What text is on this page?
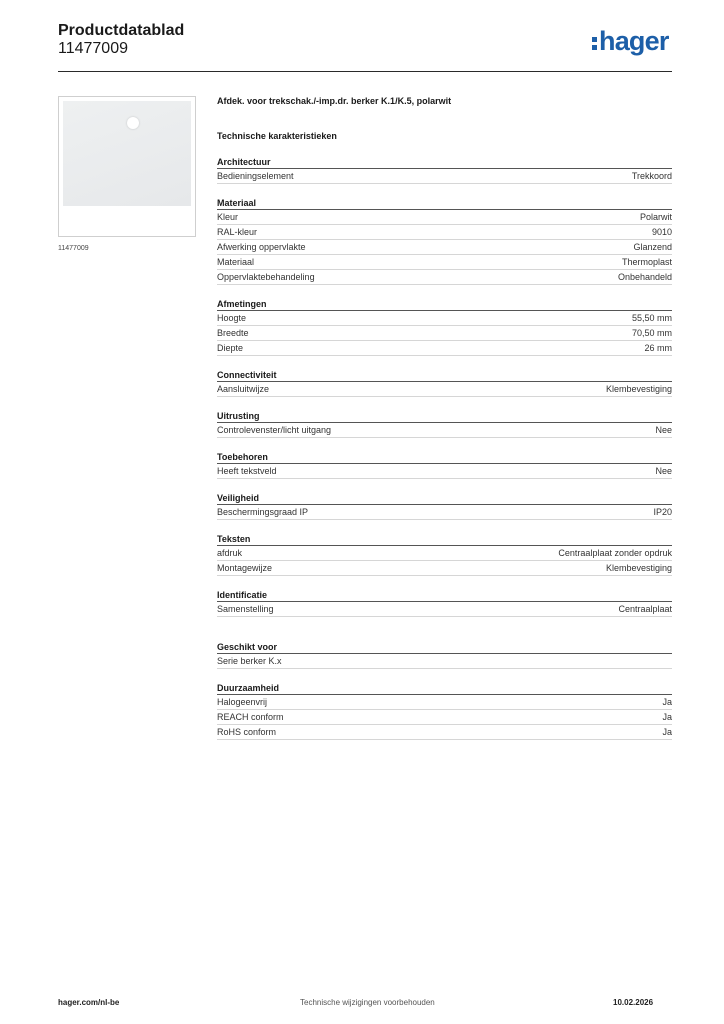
Productdatablad
11477009	hager
11477009
Afdek. voor trekschak./-imp.dr. berker K.1/K.5, polarwit
Technische karakteristieken
Architectuur
Bedieningselement	Trekkoord
Materiaal
Kleur	Polarwit
RAL-kleur	9010
Afwerking oppervlakte	Glanzend
Materiaal	Thermoplast
Oppervlaktebehandeling	Onbehandeld
Afmetingen
Hoogte	55,50 mm
Breedte	70,50 mm
Diepte	26 mm
Connectiviteit
Aansluitwijze	Klembevestiging
Uitrusting
Controlevenster/licht uitgang	Nee
Toebehoren
Heeft tekstveld	Nee
Veiligheid
Beschermingsgraad IP	IP20
Teksten
afdruk	Centraalplaat zonder opdruk
Montagewijze	Klembevestiging
Identificatie
Samenstelling	Centraalplaat
Geschikt voor
Serie berker K.x
Duurzaamheid
Halogeenvrij	Ja
REACH conform	Ja
RoHS conform	Ja
hager.com/nl-be	Technische wijzigingen voorbehouden	10.02.2026
